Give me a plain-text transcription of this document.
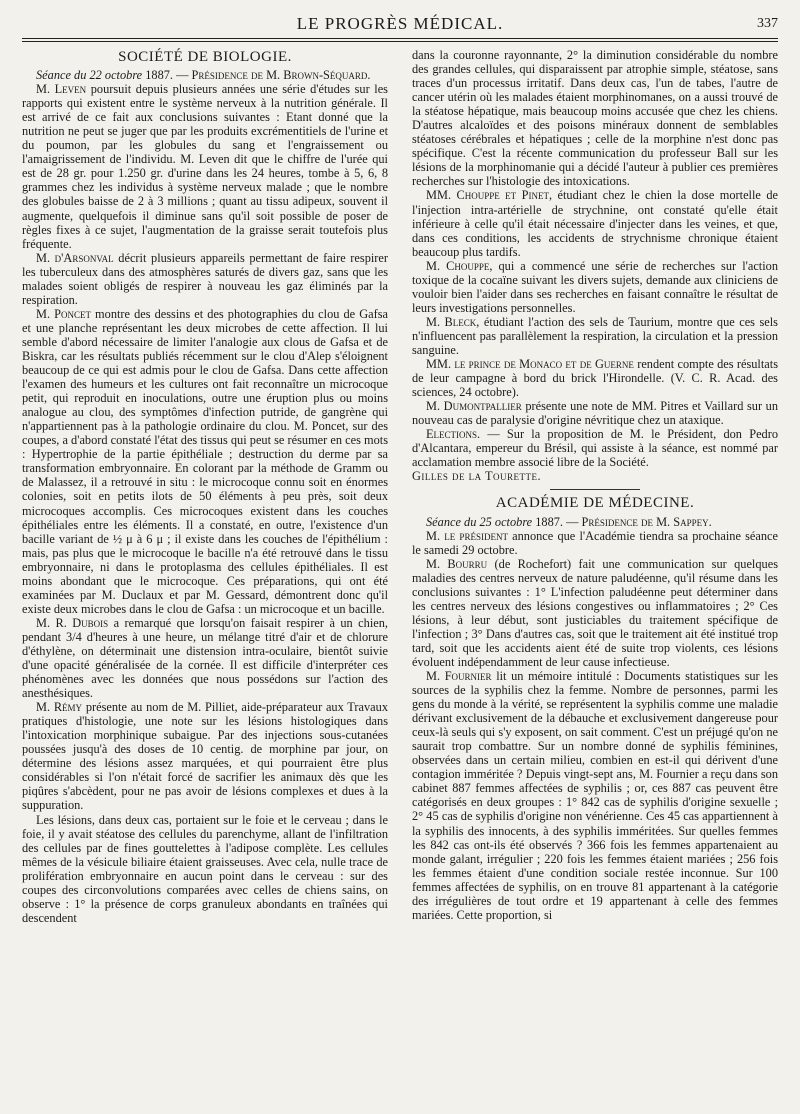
LE PROGRÈS MÉDICAL.	337
SOCIÉTÉ DE BIOLOGIE.

Séance du 22 octobre 1887. — Présidence de M. Brown-Séquard.

M. Leven poursuit depuis plusieurs années une série d'études sur les rapports qui existent entre le système nerveux à la nutrition générale. Il est arrivé de ce fait aux conclusions suivantes : Etant donné que la nutrition ne peut se juger que par les produits excrémentitiels de l'urine et du poumon, par les globules du sang et l'engraissement ou l'amaigrissement de l'individu. M. Leven dit que le chiffre de l'urée qui est de 28 gr. pour 1.250 gr. d'urine dans les 24 heures, tombe à 5, 6, 8 grammes chez les individus à système nerveux malade ; que le nombre des globules baisse de 2 à 3 millions ; quant au tissu adipeux, souvent il augmente, quelquefois il diminue sans qu'il soit possible de poser de règles fixes à ce sujet, l'augmentation de la graisse serait toutefois plus fréquente.

M. d'Arsonval décrit plusieurs appareils permettant de faire respirer les tuberculeux dans des atmosphères saturés de divers gaz, sans que les malades soient obligés de respirer à nouveau les gaz éliminés par la respiration.

M. Poncet montre des dessins et des photographies du clou de Gafsa et une planche représentant les deux microbes de cette affection. Il lui semble d'abord nécessaire de limiter l'analogie aux clous de Gafsa et de Biskra, car les résultats publiés récemment sur le clou d'Alep s'éloignent beaucoup de ce qui est admis pour le clou de Gafsa. Dans cette affection l'examen des humeurs et les cultures ont fait reconnaître un microcoque petit, qui reproduit en inoculations, outre une éruption plus ou moins analogue au clou, des symptômes d'infection putride, de gangrène qui n'appartiennent pas à la pathologie ordinaire du clou. M. Poncet, sur des coupes, a d'abord constaté l'état des tissus qui peut se résumer en ces mots : Hypertrophie de la partie épithéliale ; destruction du derme par sa transformation embryonnaire. En colorant par la méthode de Gramm ou de Malassez, il a retrouvé in situ : le microcoque connu soit en énormes colonies, soit en petits ilots de 50 éléments à peu près, soit deux microcoques accomplis. Ces microcoques existent dans les couches épithéliales entre les éléments. Il a constaté, en outre, l'existence d'un bacille variant de ½ μ à 6 μ ; il existe dans les couches de l'épithélium : mais, pas plus que le microcoque le bacille n'a été retrouvé dans le tissu embryonnaire, ni dans le protoplasma des cellules épithéliales. Il est moins abondant que le microcoque. Ces préparations, qui ont été examinées par M. Duclaux et par M. Gessard, démontrent donc qu'il existe deux microbes dans le clou de Gafsa : un microcoque et un bacille.

M. R. Dubois a remarqué que lorsqu'on faisait respirer à un chien, pendant 3/4 d'heures à une heure, un mélange titré d'air et de chlorure d'éthylène, on déterminait une distension intra-oculaire, bientôt suivie d'une opacité généralisée de la cornée. Il est difficile d'interpréter ces phénomènes avec les données que nous possédons sur l'action des anesthésiques.

M. Rémy présente au nom de M. Pilliet, aide-préparateur aux Travaux pratiques d'histologie, une note sur les lésions histologiques dans l'intoxication morphinique subaigue. Par des injections sous-cutanées poussées jusqu'à des doses de 10 centig. de morphine par jour, on détermine des lésions assez marquées, et qui pourraient être plus considérables si l'on n'était forcé de sacrifier les animaux dès que les piqûres s'abcèdent, pour ne pas avoir de lésions complexes et dues à la suppuration.

Les lésions, dans deux cas, portaient sur le foie et le cerveau ; dans le foie, il y avait stéatose des cellules du parenchyme, allant de l'infiltration des cellules par de fines gouttelettes à l'adipose complète. Les cellules mêmes de la vésicule biliaire étaient graisseuses. Avec cela, nulle trace de prolifération embryonnaire en aucun point dans le cerveau : sur des coupes des circonvolutions comparées avec celles de chiens sains, on observe : 1° la présence de corps granuleux abondants en traînées qui descendent

dans la couronne rayonnante, 2° la diminution considérable du nombre des grandes cellules, qui disparaissent par atrophie simple, stéatose, sans traces d'un processus irritatif. Dans deux cas, l'un de tabes, l'autre de cancer utérin où les malades étaient morphinomanes, on a aussi trouvé de la stéatose hépatique, mais beaucoup moins accusée que chez les chiens. D'autres alcaloïdes et des poisons minéraux donnent de semblables stéatoses cérébrales et hépatiques ; celle de la morphine n'est donc pas spécifique. C'est la récente communication du professeur Ball sur les lésions de la morphinomanie qui a décidé l'auteur à publier ces premières recherches sur l'histologie des intoxications.

MM. Chouppe et Pinet, étudiant chez le chien la dose mortelle de l'injection intra-artérielle de strychnine, ont constaté qu'elle était inférieure à celle qu'il était nécessaire d'injecter dans les veines, et que, dans ces conditions, les accidents de strychnisme chronique étaient beaucoup plus tardifs.

M. Chouppe, qui a commencé une série de recherches sur l'action toxique de la cocaïne suivant les divers sujets, demande aux cliniciens de vouloir bien l'aider dans ses recherches en faisant connaître le résultat de leurs investigations personnelles.

M. Bleck, étudiant l'action des sels de Taurium, montre que ces sels n'influencent pas parallèlement la respiration, la circulation et la pression sanguine.

MM. le prince de Monaco et de Guerne rendent compte des résultats de leur campagne à bord du brick l'Hirondelle. (V. C. R. Acad. des sciences, 24 octobre).

M. Dumontpallier présente une note de MM. Pitres et Vaillard sur un nouveau cas de paralysie d'origine névritique chez un ataxique.

Elections. — Sur la proposition de M. le Président, don Pedro d'Alcantara, empereur du Brésil, qui assiste à la séance, est nommé par acclamation membre associé libre de la Société.

Gilles de la Tourette.

ACADÉMIE DE MÉDECINE.

Séance du 25 octobre 1887. — Présidence de M. Sappey.

M. le président annonce que l'Académie tiendra sa prochaine séance le samedi 29 octobre.

M. Bourru (de Rochefort) fait une communication sur quelques maladies des centres nerveux de nature paludéenne, qu'il résume dans les conclusions suivantes : 1° L'infection paludéenne peut déterminer dans les centres nerveux des lésions congestives ou inflammatoires ; 2° Ces lésions, à leur début, sont justiciables du traitement spécifique de l'infection ; 3° Dans d'autres cas, soit que le traitement ait été institué trop tard, soit que les accidents aient été de suite trop violents, ces lésions évoluent indépendamment de leur cause infectieuse.

M. Fournier lit un mémoire intitulé : Documents statistiques sur les sources de la syphilis chez la femme. Nombre de personnes, parmi les gens du monde à la vérité, se représentent la syphilis comme une maladie dérivant exclusivement de la débauche et exclusivement dangereuse pour ceux-là seuls qui s'y exposent, on sait comment. C'est un préjugé qu'on ne saurait trop combattre. Sur un nombre donné de syphilis féminines, observées dans un certain milieu, combien en est-il qui dérivent d'une contagion imméritée ? Depuis vingt-sept ans, M. Fournier a reçu dans son cabinet 887 femmes affectées de syphilis ; or, ces 887 cas peuvent être catégorisés en deux groupes : 1° 842 cas de syphilis d'origine sexuelle ; 2° 45 cas de syphilis d'origine non vénérienne. Ces 45 cas appartiennent à la syphilis des innocents, à des syphilis imméritées. Sur quelles femmes les 842 cas ont-ils été observés ? 366 fois les femmes appartenaient au monde galant, irrégulier ; 220 fois les femmes étaient mariées ; 256 fois les femmes étaient d'une condition sociale restée inconnue. Sur 100 femmes affectées de syphilis, on en trouve 81 appartenant à la catégorie des irrégulières de tout ordre et 19 appartenant à celle des femmes mariées. Cette proportion, si
